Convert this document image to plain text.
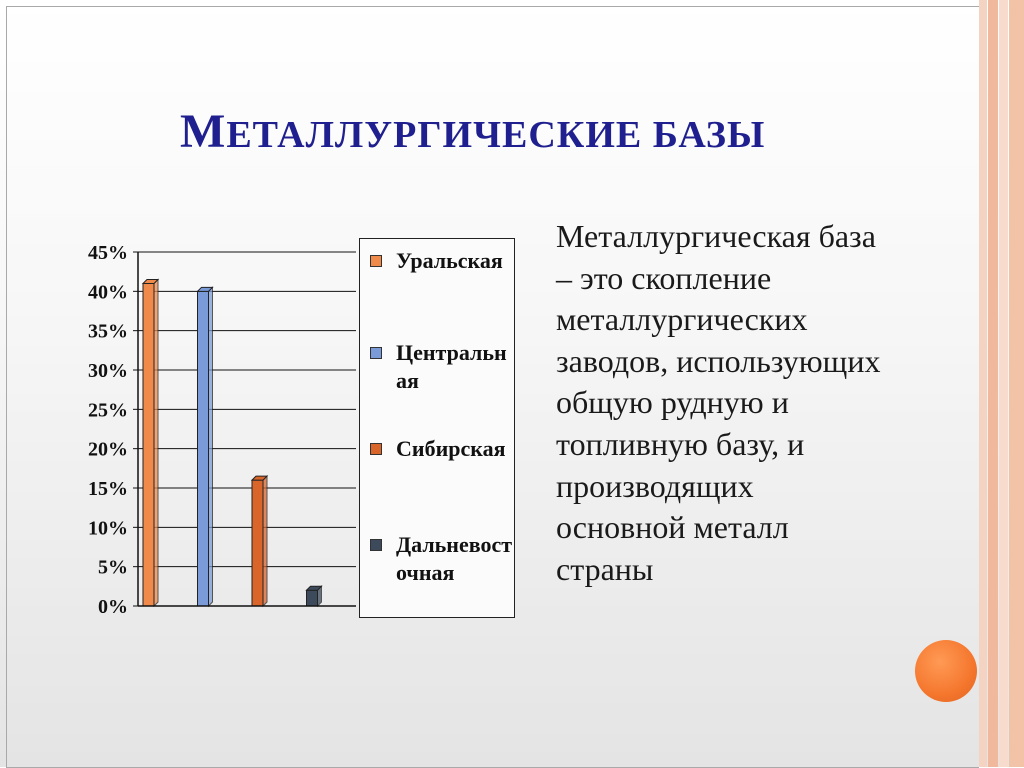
МЕТАЛЛУРГИЧЕСКИЕ БАЗЫ
Металлургическая база – это скопление металлургических заводов, использующих общую рудную и топливную базу, и производящих основной металл страны
0%
5%
10%
15%
20%
25%
30%
35%
40%
45%	Уральская
Центральная
Сибирская
Дальневосточная
